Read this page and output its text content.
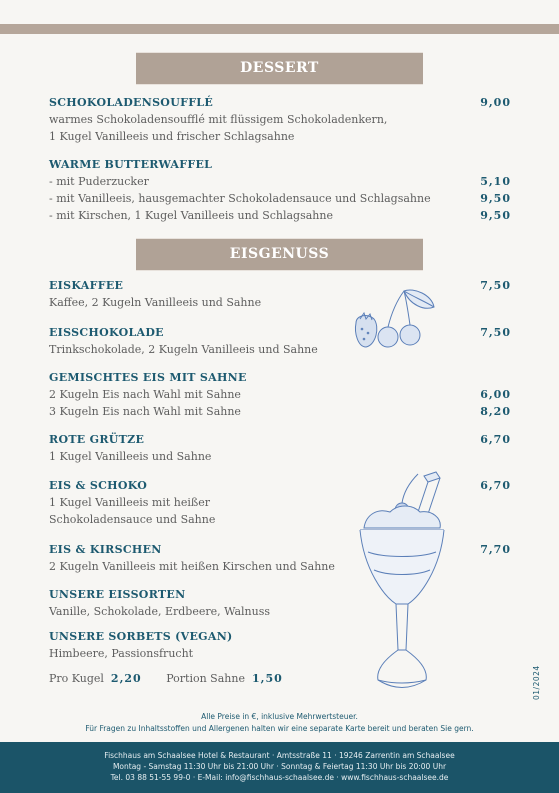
DESSERT
SCHOKOLADENSOUFFLÉ	9,00
warmes Schokoladensoufflé mit flüssigem Schokoladenkern,
1 Kugel Vanilleeis und frischer Schlagsahne
WARME BUTTERWAFFEL
- mit Puderzucker	5,10
- mit Vanilleeis, hausgemachter Schokoladensauce und Schlagsahne	9,50
- mit Kirschen, 1 Kugel Vanilleeis und Schlagsahne	9,50
EISGENUSS
EISKAFFEE	7,50
Kaffee, 2 Kugeln Vanilleeis und Sahne
EISSCHOKOLADE	7,50
Trinkschokolade, 2 Kugeln Vanilleeis und Sahne
GEMISCHTES EIS MIT SAHNE
2 Kugeln Eis nach Wahl mit Sahne	6,00
3 Kugeln Eis nach Wahl mit Sahne	8,20
ROTE GRÜTZE	6,70
1 Kugel Vanilleeis und Sahne
EIS & SCHOKO	6,70
1 Kugel Vanilleeis mit heißer
Schokoladensauce und Sahne
EIS & KIRSCHEN	7,70
2 Kugeln Vanilleeis mit heißen Kirschen und Sahne
UNSERE EISSORTEN
Vanille, Schokolade, Erdbeere, Walnuss
UNSERE SORBETS (VEGAN)
Himbeere, Passionsfrucht
Pro Kugel 2,20 Portion Sahne 1,50
Alle Preise in €, inklusive Mehrwertsteuer.
Für Fragen zu Inhaltsstoffen und Allergenen halten wir eine separate Karte bereit und beraten Sie gern.
01/2024
Fischhaus am Schaalsee Hotel & Restaurant · Amtsstraße 11 · 19246 Zarrentin am Schaalsee
Montag - Samstag 11:30 Uhr bis 21:00 Uhr · Sonntag & Feiertag 11:30 Uhr bis 20:00 Uhr
Tel. 03 88 51-55 99-0 · E-Mail: info@fischhaus-schaalsee.de · www.fischhaus-schaalsee.de
